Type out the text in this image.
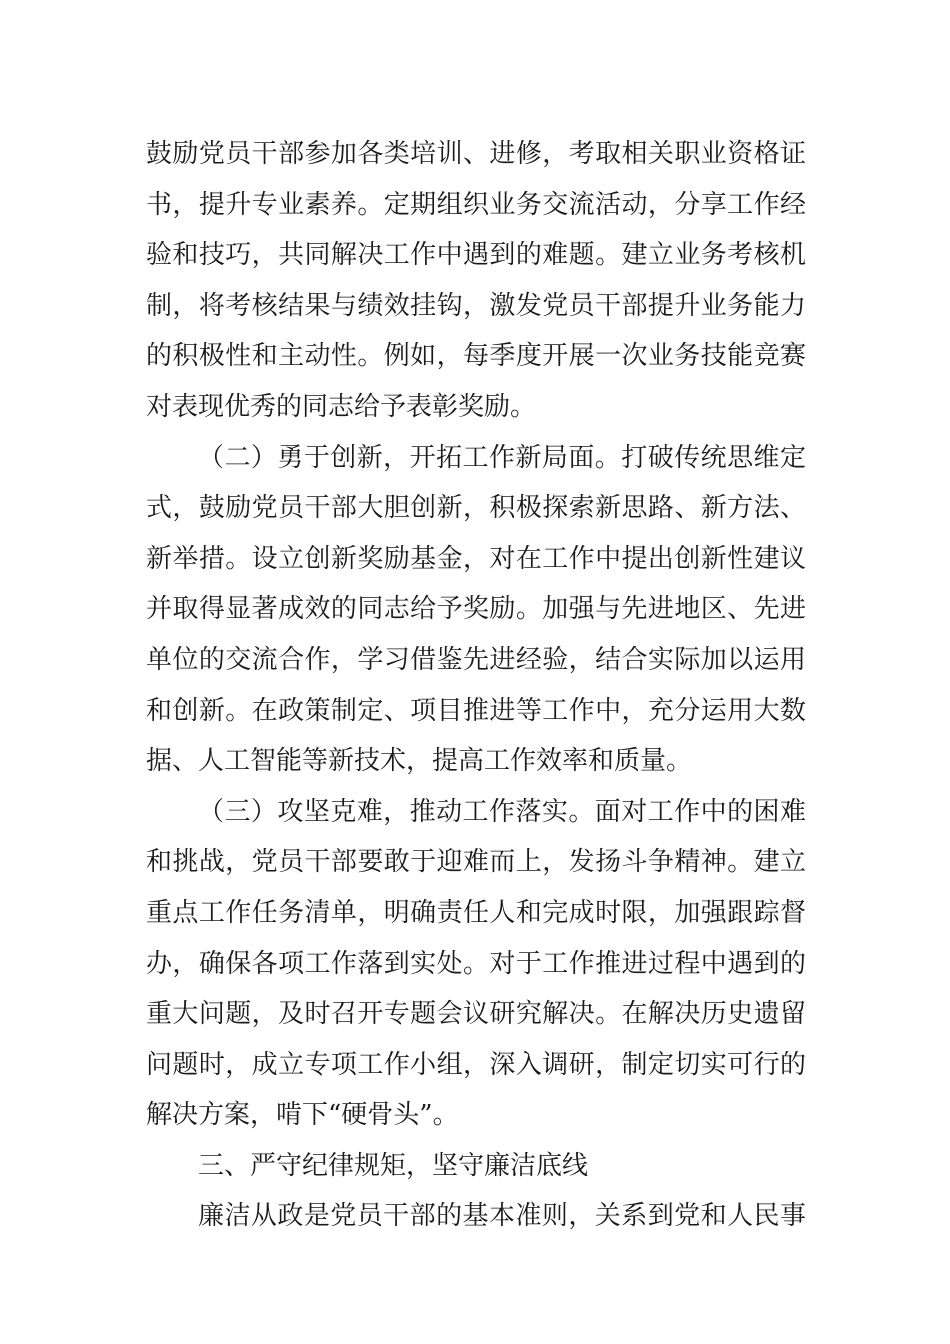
鼓励党员干部参加各类培训、进修，考取相关职业资格证
书，提升专业素养。定期组织业务交流活动，分享工作经
验和技巧，共同解决工作中遇到的难题。建立业务考核机
制，将考核结果与绩效挂钩，激发党员干部提升业务能力
的积极性和主动性。例如，每季度开展一次业务技能竞赛
对表现优秀的同志给予表彰奖励。
（二）勇于创新，开拓工作新局面。打破传统思维定
式，鼓励党员干部大胆创新，积极探索新思路、新方法、
新举措。设立创新奖励基金，对在工作中提出创新性建议
并取得显著成效的同志给予奖励。加强与先进地区、先进
单位的交流合作，学习借鉴先进经验，结合实际加以运用
和创新。在政策制定、项目推进等工作中，充分运用大数
据、人工智能等新技术，提高工作效率和质量。
（三）攻坚克难，推动工作落实。面对工作中的困难
和挑战，党员干部要敢于迎难而上，发扬斗争精神。建立
重点工作任务清单，明确责任人和完成时限，加强跟踪督
办，确保各项工作落到实处。对于工作推进过程中遇到的
重大问题，及时召开专题会议研究解决。在解决历史遗留
问题时，成立专项工作小组，深入调研，制定切实可行的
解决方案，啃下“硬骨头”。
三、严守纪律规矩，坚守廉洁底线
廉洁从政是党员干部的基本准则，关系到党和人民事
